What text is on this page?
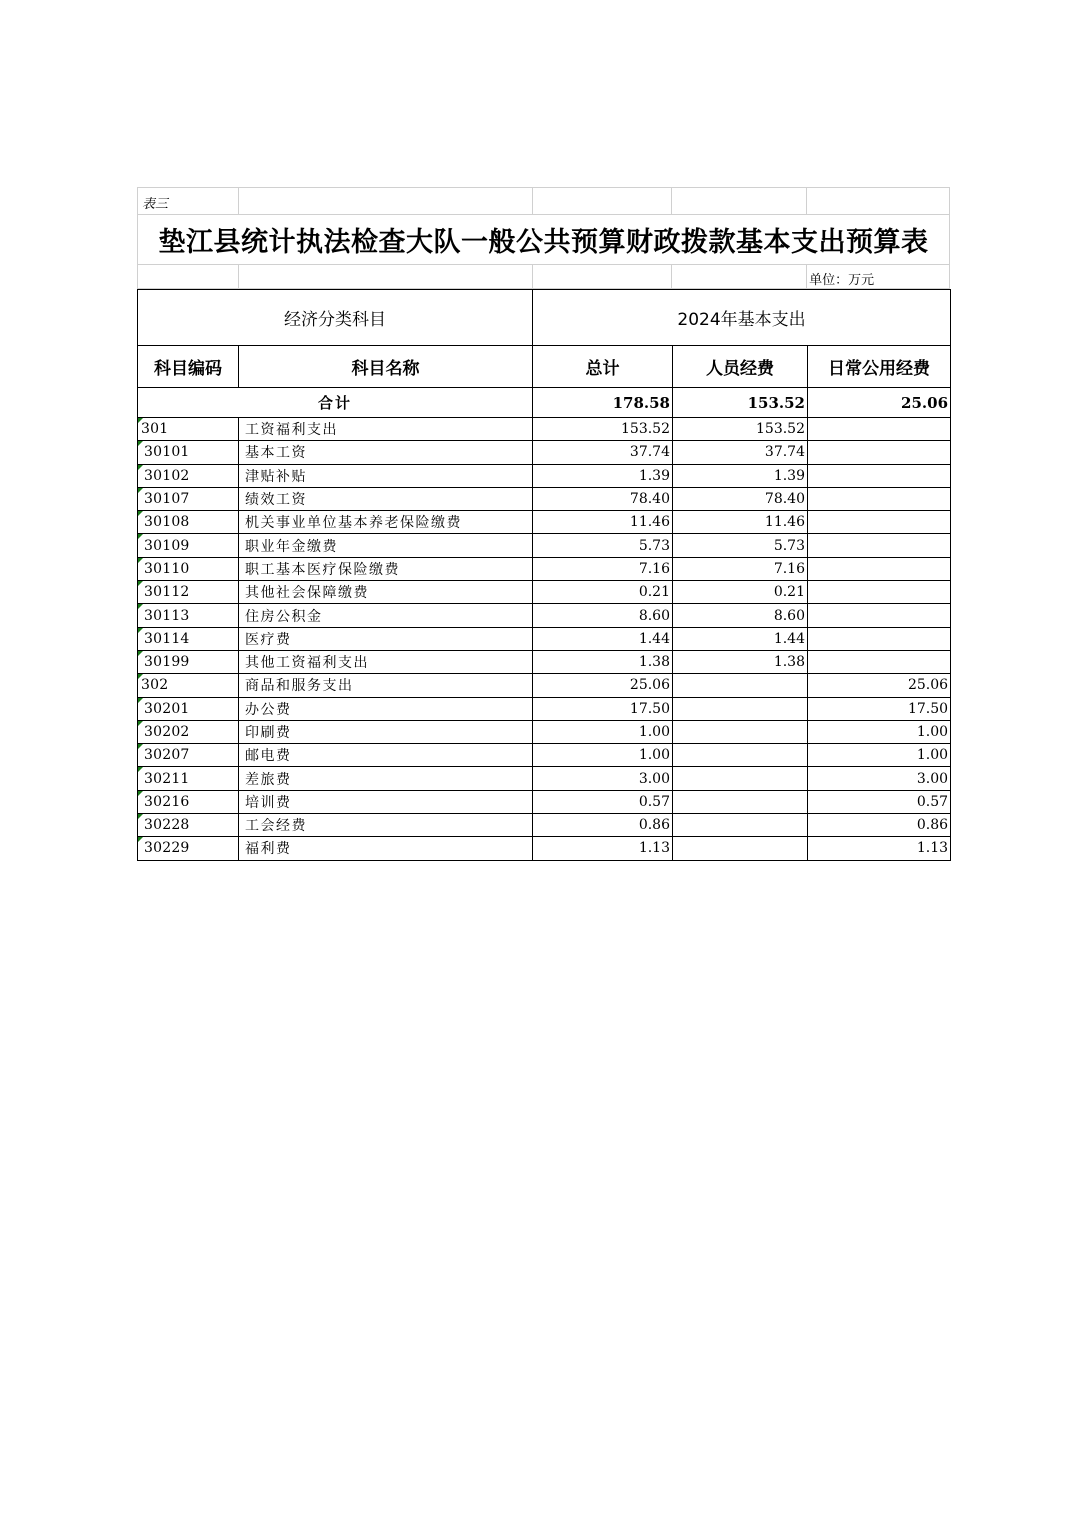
表三
垫江县统计执法检查大队一般公共预算财政拨款基本支出预算表
单位：万元
经济分类科目		2024年基本支出		
科目编码	科目名称	总计	人员经费	日常公用经费
合计		178.58	153.52	25.06
301	工资福利支出	153.52	153.52	
30101	基本工资	37.74	37.74	
30102	津贴补贴	1.39	1.39	
30107	绩效工资	78.40	78.40	
30108	机关事业单位基本养老保险缴费	11.46	11.46	
30109	职业年金缴费	5.73	5.73	
30110	职工基本医疗保险缴费	7.16	7.16	
30112	其他社会保障缴费	0.21	0.21	
30113	住房公积金	8.60	8.60	
30114	医疗费	1.44	1.44	
30199	其他工资福利支出	1.38	1.38	
302	商品和服务支出	25.06		25.06
30201	办公费	17.50		17.50
30202	印刷费	1.00		1.00
30207	邮电费	1.00		1.00
30211	差旅费	3.00		3.00
30216	培训费	0.57		0.57
30228	工会经费	0.86		0.86
30229	福利费	1.13		1.13
